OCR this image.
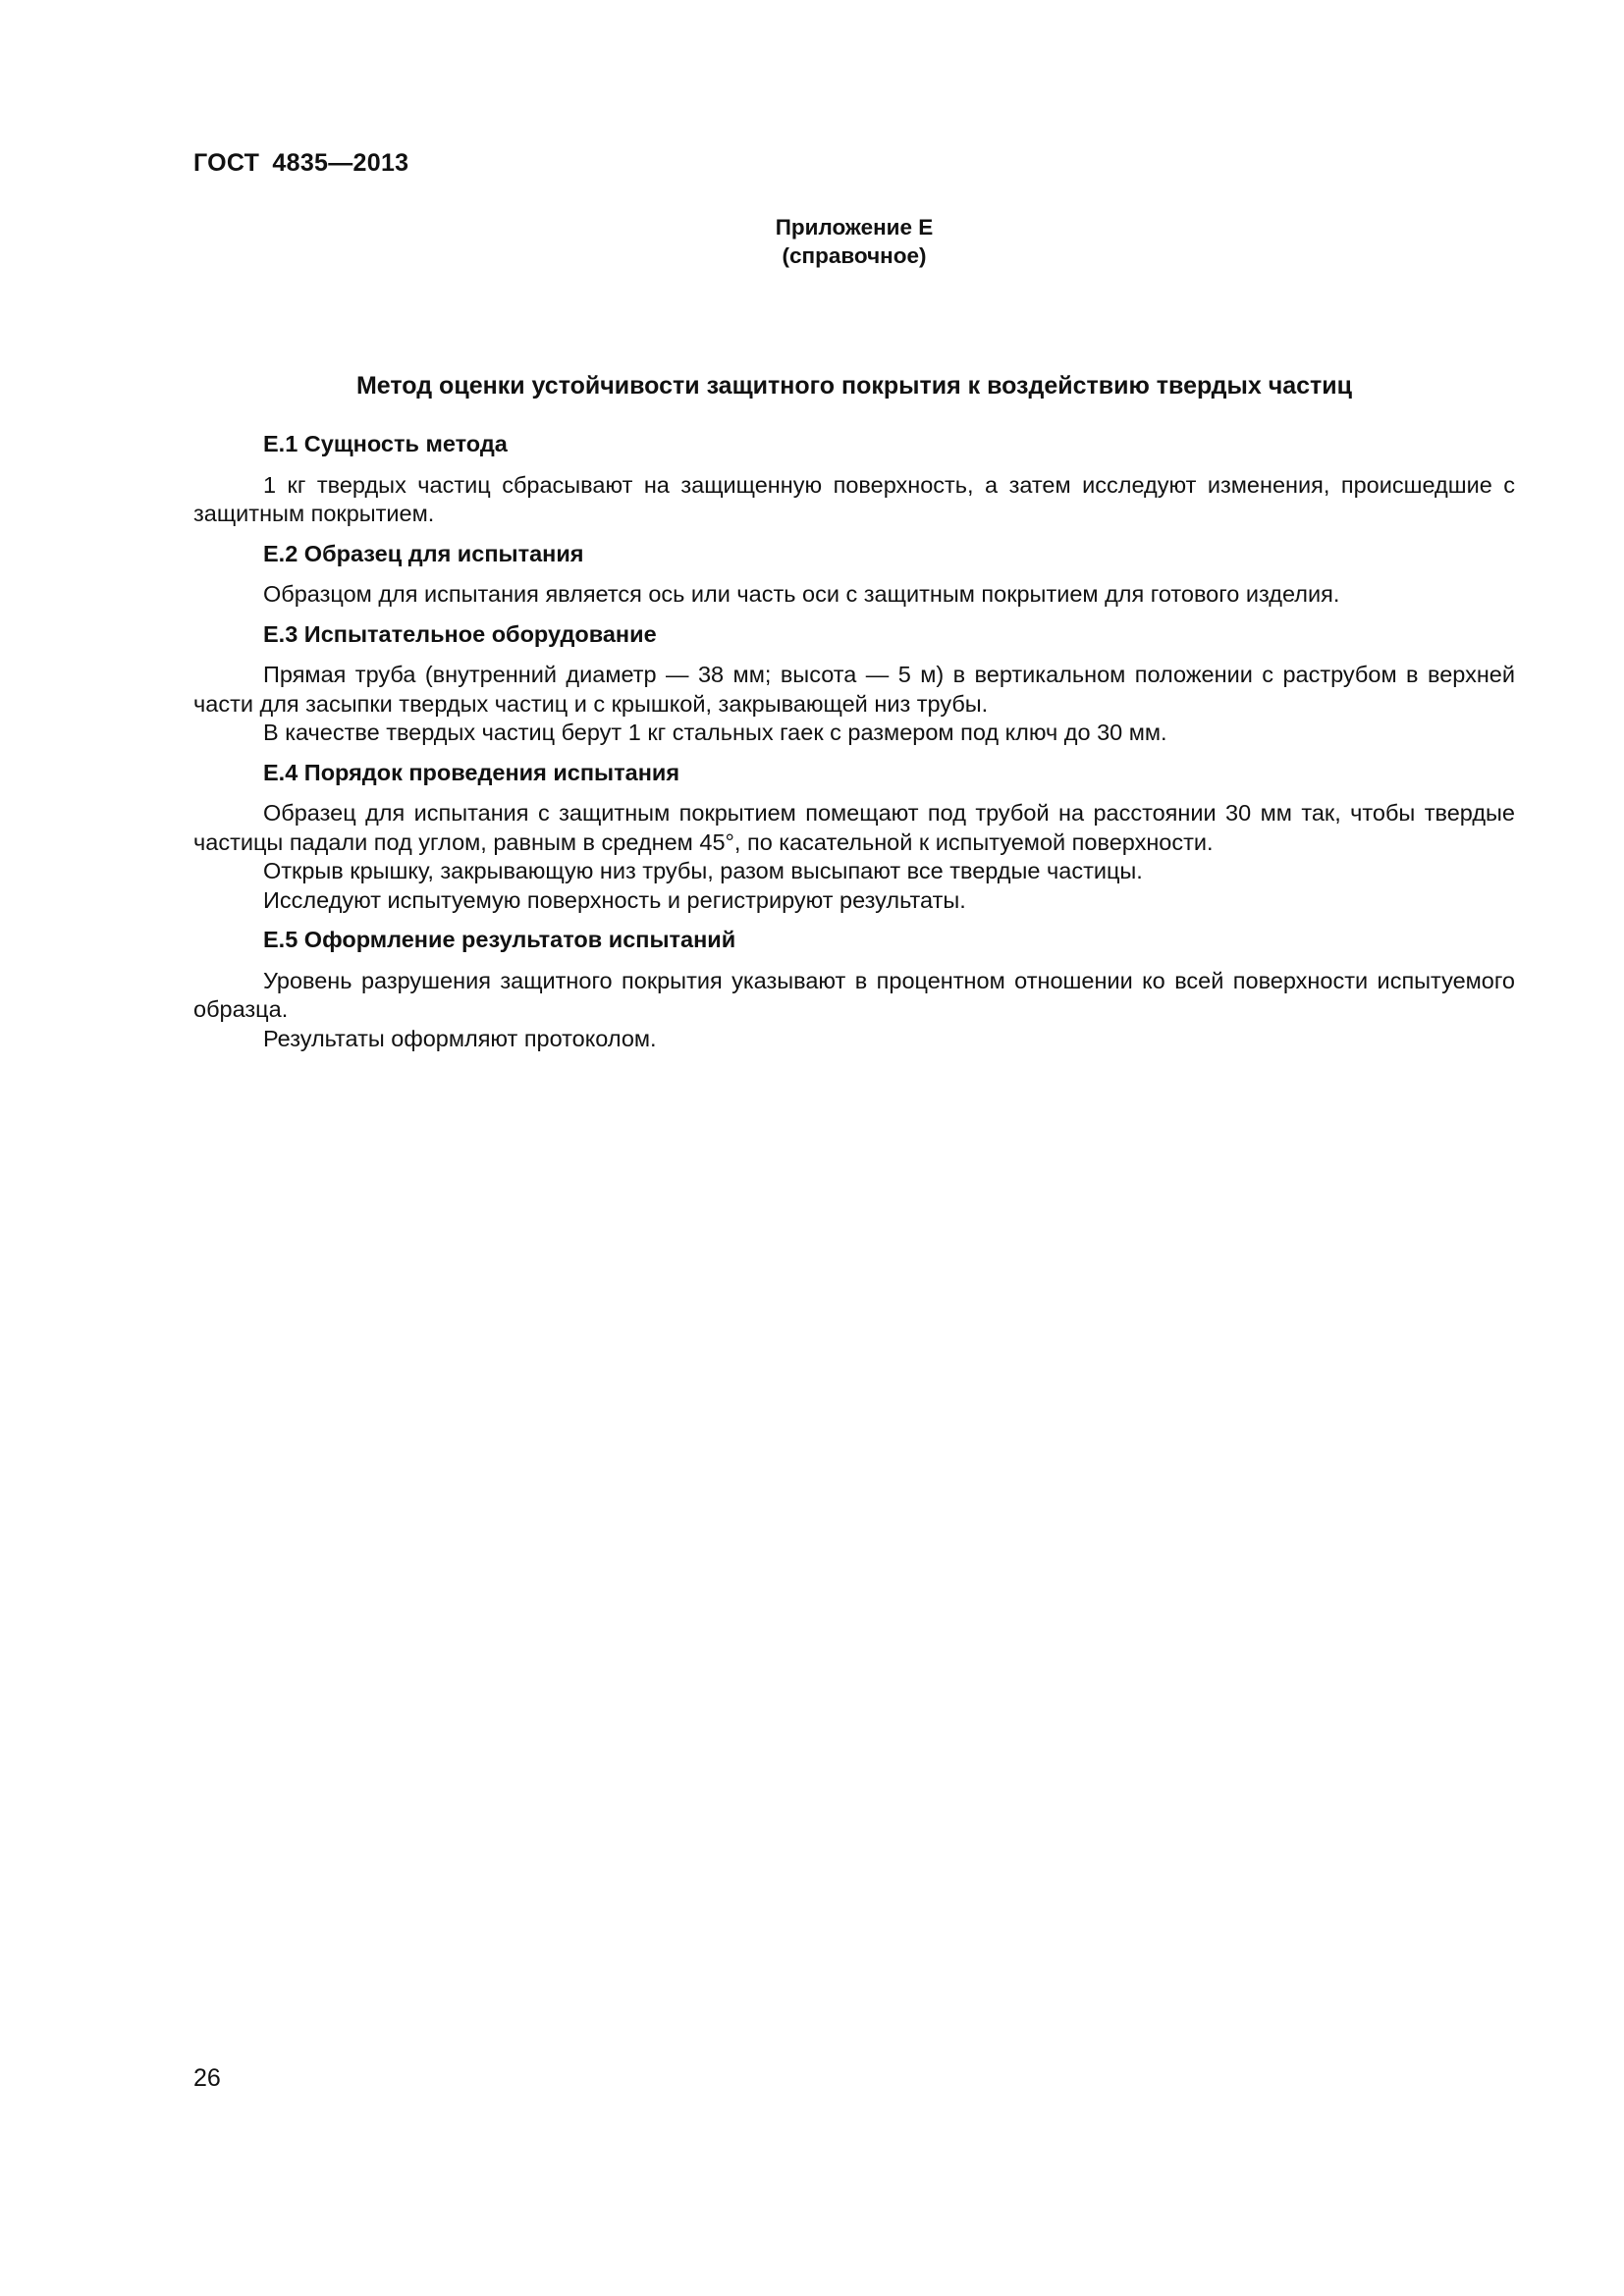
ГОСТ 4835—2013
Приложение Е
(справочное)
Метод оценки устойчивости защитного покрытия к воздействию твердых частиц
Е.1 Сущность метода

1 кг твердых частиц сбрасывают на защищенную поверхность, а затем исследуют изменения, происшедшие с защитным покрытием.

Е.2 Образец для испытания

Образцом для испытания является ось или часть оси с защитным покрытием для готового изделия.

Е.3 Испытательное оборудование

Прямая труба (внутренний диаметр — 38 мм; высота — 5 м) в вертикальном положении с раструбом в верхней части для засыпки твердых частиц и с крышкой, закрывающей низ трубы.

В качестве твердых частиц берут 1 кг стальных гаек с размером под ключ до 30 мм.

Е.4 Порядок проведения испытания

Образец для испытания с защитным покрытием помещают под трубой на расстоянии 30 мм так, чтобы твердые частицы падали под углом, равным в среднем 45°, по касательной к испытуемой поверхности.

Открыв крышку, закрывающую низ трубы, разом высыпают все твердые частицы.

Исследуют испытуемую поверхность и регистрируют результаты.

Е.5 Оформление результатов испытаний

Уровень разрушения защитного покрытия указывают в процентном отношении ко всей поверхности испытуемого образца.

Результаты оформляют протоколом.

26
